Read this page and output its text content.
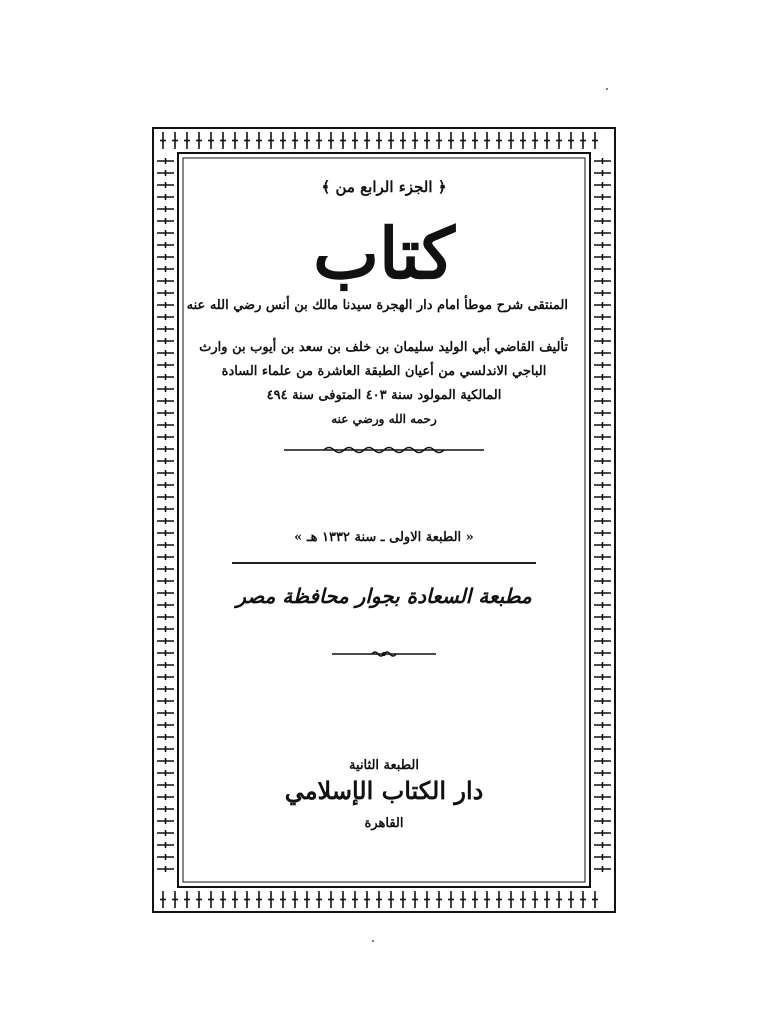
﴿ الجزء الرابع من ﴾
كتاب
المنتقى شرح موطأ امام دار الهجرة سيدنا مالك بن أنس رضي الله عنه
تأليف القاضي أبي الوليد سليمان بن خلف بن سعد بن أيوب بن وارث
الباجي الاندلسي من أعيان الطبقة العاشرة من علماء السادة
المالكية المولود سنة ٤٠٣ المتوفى سنة ٤٩٤
رحمه الله ورضي عنه
« الطبعة الاولى ـ سنة ١٣٣٢ هـ »
مطبعة السعادة بجوار محافظة مصر
الطبعة الثانية
دار الكتاب الإسلامي
القاهرة
